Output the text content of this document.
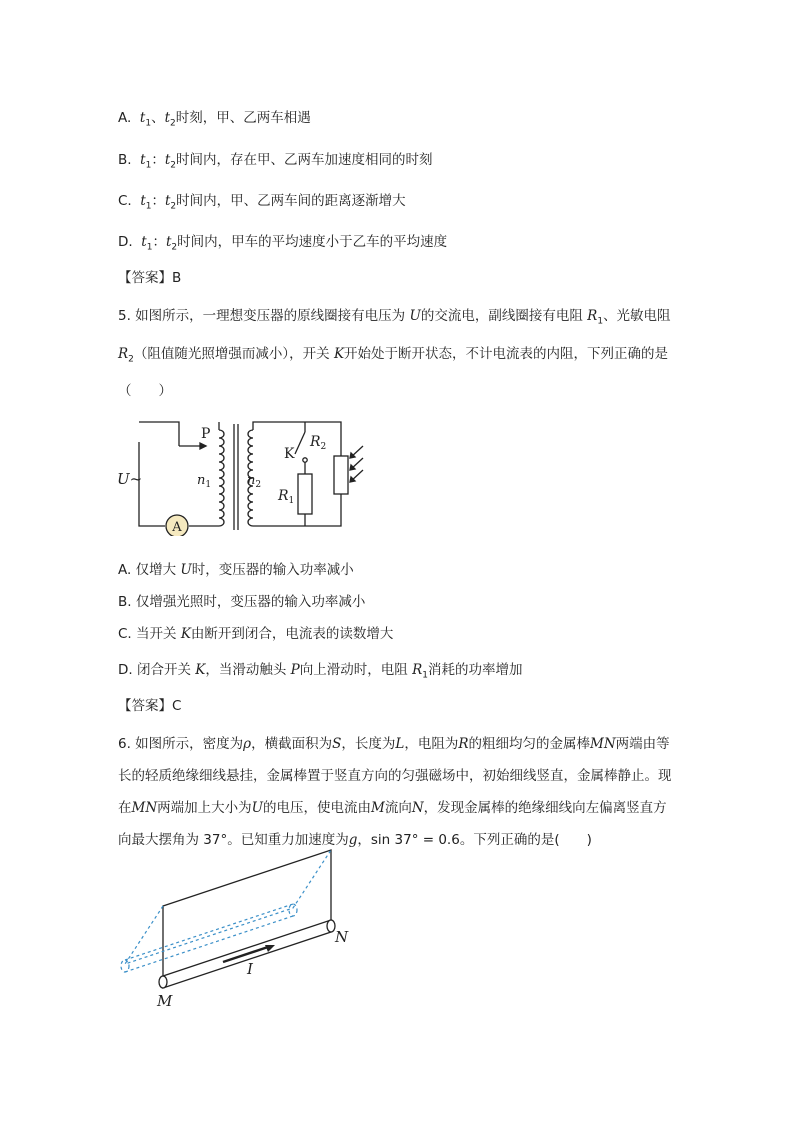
A. $t_1$、$t_2$时刻，甲、乙两车相遇
B. $t_1$：$t_2$时间内，存在甲、乙两车加速度相同的时刻
C. $t_1$：$t_2$时间内，甲、乙两车间的距离逐渐增大
D. $t_1$：$t_2$时间内，甲车的平均速度小于乙车的平均速度
【答案】B
5. 如图所示，一理想变压器的原线圈接有电压为 U的交流电，副线圈接有电阻 $R_1$、光敏电阻$R_2$（阻值随光照增强而减小），开关 K开始处于断开状态，不计电流表的内阻，下列正确的是（　　）
A
P
U~	$n_1$	$n_2$
K
$R_1$
$R_2$
A. 仅增大 U时，变压器的输入功率减小
B. 仅增强光照时，变压器的输入功率减小
C. 当开关 K由断开到闭合，电流表的读数增大
D. 闭合开关 K，当滑动触头 P向上滑动时，电阻 $R_1$消耗的功率增加
【答案】C
6. 如图所示，密度为ρ，横截面积为S，长度为L，电阻为R的粗细均匀的金属棒MN两端由等长的轻质绝缘细线悬挂，金属棒置于竖直方向的匀强磁场中，初始细线竖直，金属棒静止。现在MN两端加上大小为U的电压，使电流由M流向N，发现金属棒的绝缘细线向左偏离竖直方向最大摆角为 37°。已知重力加速度为g，sin 37° = 0.6。下列正确的是(　　)
I
N
M
